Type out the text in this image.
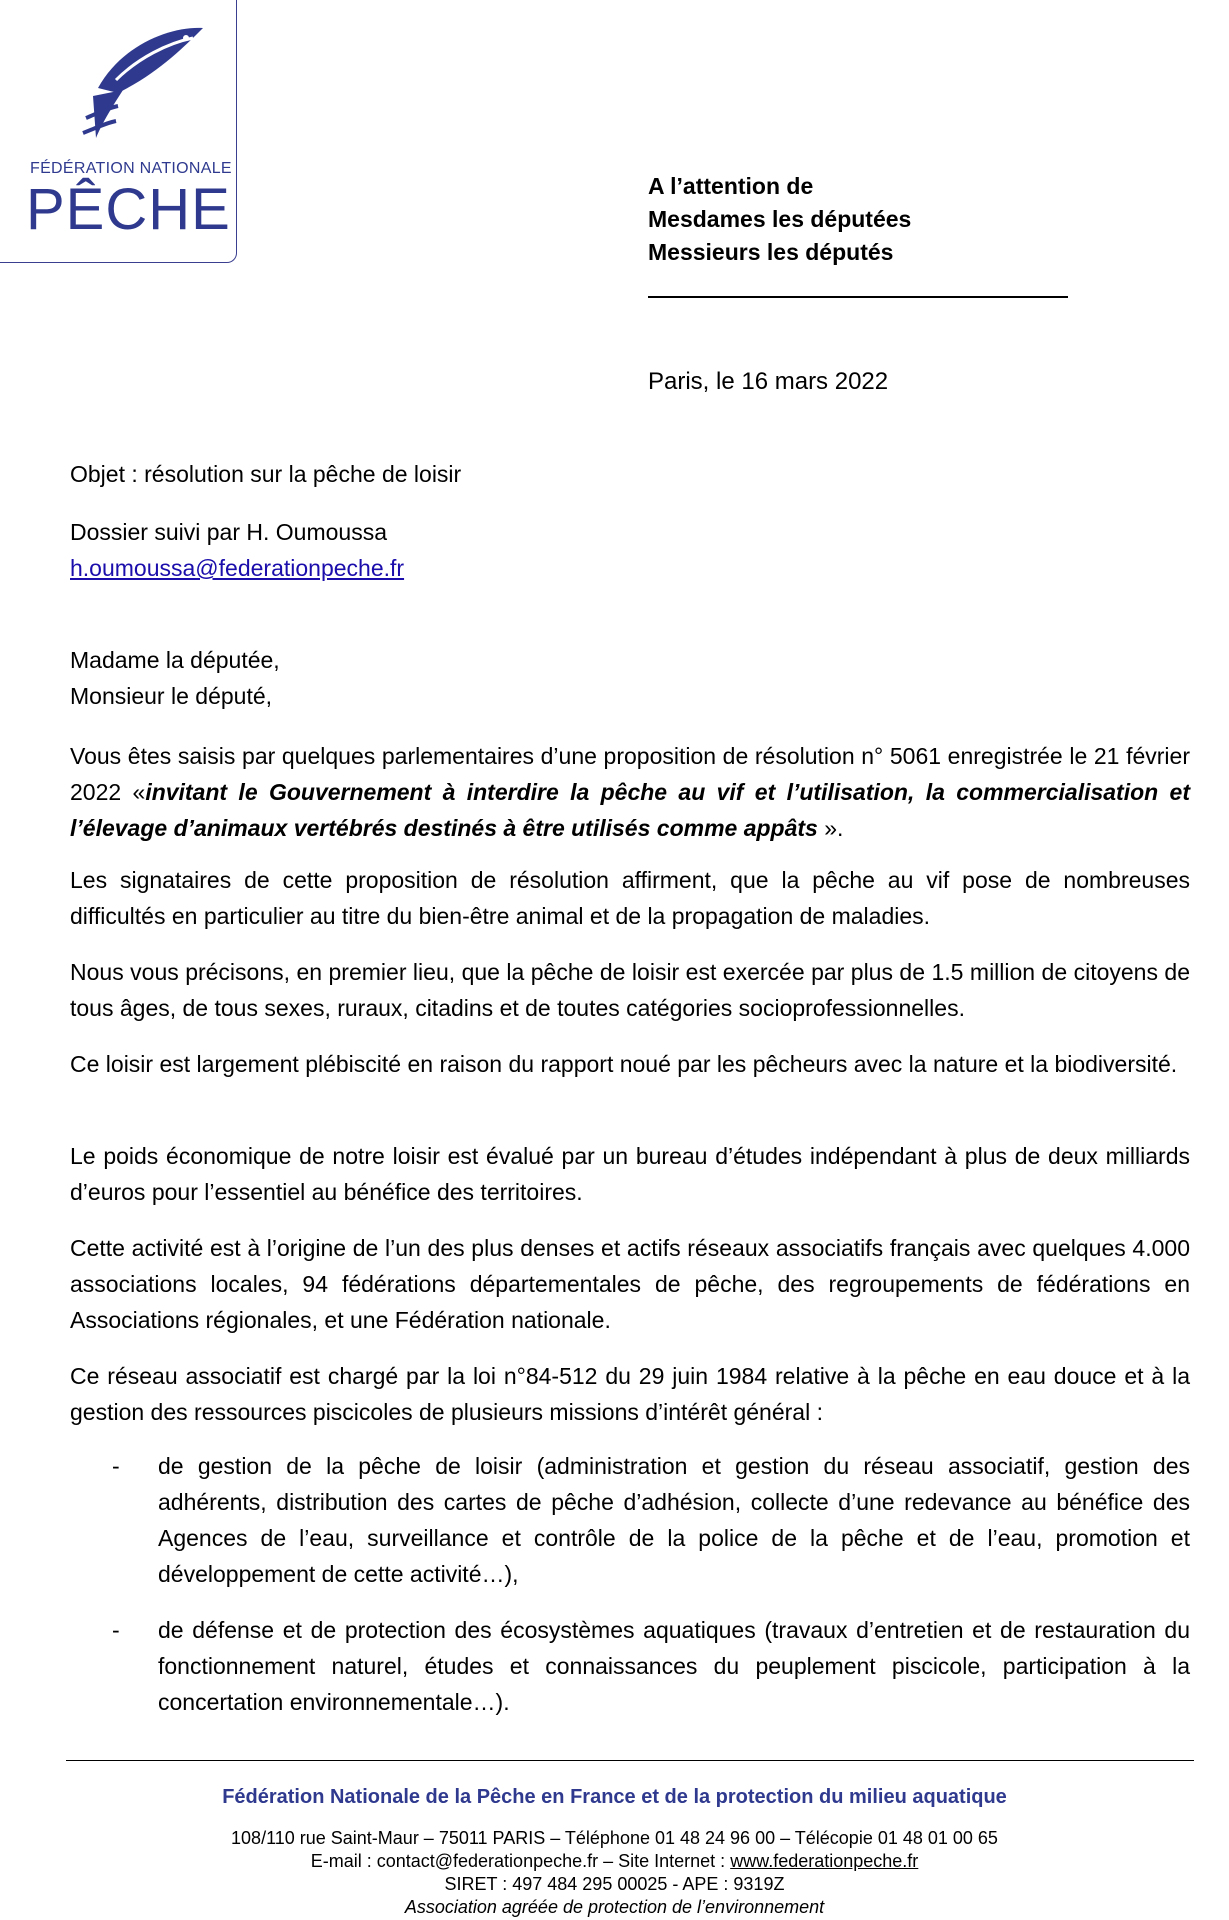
FÉDÉRATION NATIONALE
PÊCHE	A l’attention de
Mesdames les députées
Messieurs les députés
Paris, le 16 mars 2022
Objet : résolution sur la pêche de loisir
Dossier suivi par H. Oumoussa
h.oumoussa@federationpeche.fr
Madame la députée,
Monsieur le député,
Vous êtes saisis par quelques parlementaires d’une proposition de résolution n° 5061 enregistrée le 21 février 2022 «invitant le Gouvernement à interdire la pêche au vif et l’utilisation, la commercialisation et l’élevage d’animaux vertébrés destinés à être utilisés comme appâts ».
Les signataires de cette proposition de résolution affirment, que la pêche au vif pose de nombreuses difficultés en particulier au titre du bien-être animal et de la propagation de maladies.
Nous vous précisons, en premier lieu, que la pêche de loisir est exercée par plus de 1.5 million de citoyens de tous âges, de tous sexes, ruraux, citadins et de toutes catégories socioprofessionnelles.
Ce loisir est largement plébiscité en raison du rapport noué par les pêcheurs avec la nature et la biodiversité.
Le poids économique de notre loisir est évalué par un bureau d’études indépendant à plus de deux milliards d’euros pour l’essentiel au bénéfice des territoires.
Cette activité est à l’origine de l’un des plus denses et actifs réseaux associatifs français avec quelques 4.000 associations locales, 94 fédérations départementales de pêche, des regroupements de fédérations en Associations régionales, et une Fédération nationale.
Ce réseau associatif est chargé par la loi n°84-512 du 29 juin 1984 relative à la pêche en eau douce et à la gestion des ressources piscicoles de plusieurs missions d’intérêt général :
- de gestion de la pêche de loisir (administration et gestion du réseau associatif, gestion des adhérents, distribution des cartes de pêche d’adhésion, collecte d’une redevance au bénéfice des Agences de l’eau, surveillance et contrôle de la police de la pêche et de l’eau, promotion et développement de cette activité…),
- de défense et de protection des écosystèmes aquatiques (travaux d’entretien et de restauration du fonctionnement naturel, études et connaissances du peuplement piscicole, participation à la concertation environnementale…).
Fédération Nationale de la Pêche en France et de la protection du milieu aquatique
108/110 rue Saint-Maur – 75011 PARIS – Téléphone 01 48 24 96 00 – Télécopie 01 48 01 00 65
E-mail : contact@federationpeche.fr – Site Internet : www.federationpeche.fr
SIRET : 497 484 295 00025 - APE : 9319Z
Association agréée de protection de l’environnement
